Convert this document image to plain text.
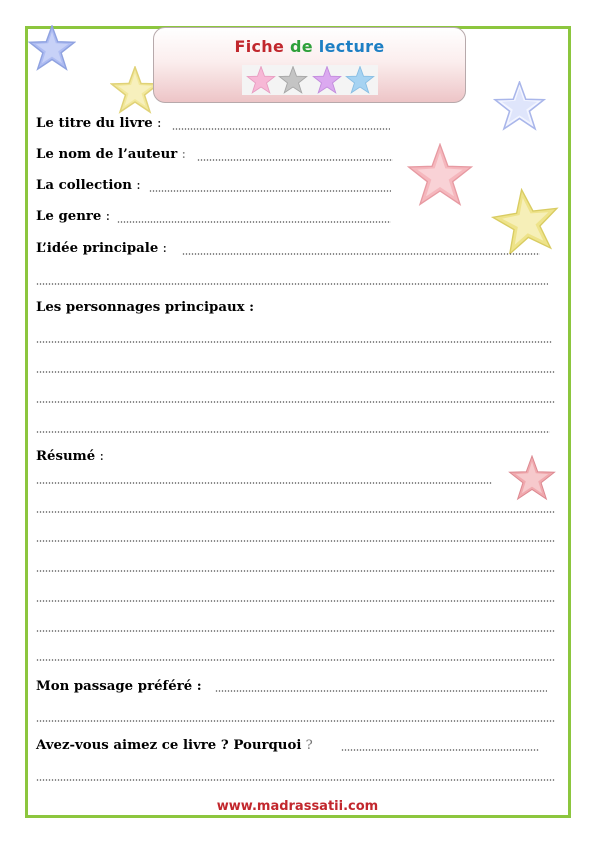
Fiche de lecture
Le titre du livre :
Le nom de l’auteur :
La collection :
Le genre :
L’idée principale :
Les personnages principaux :
Résumé :
Mon passage préféré :
Avez-vous aimez ce livre ? Pourquoi ?
www.madrassatii.com
